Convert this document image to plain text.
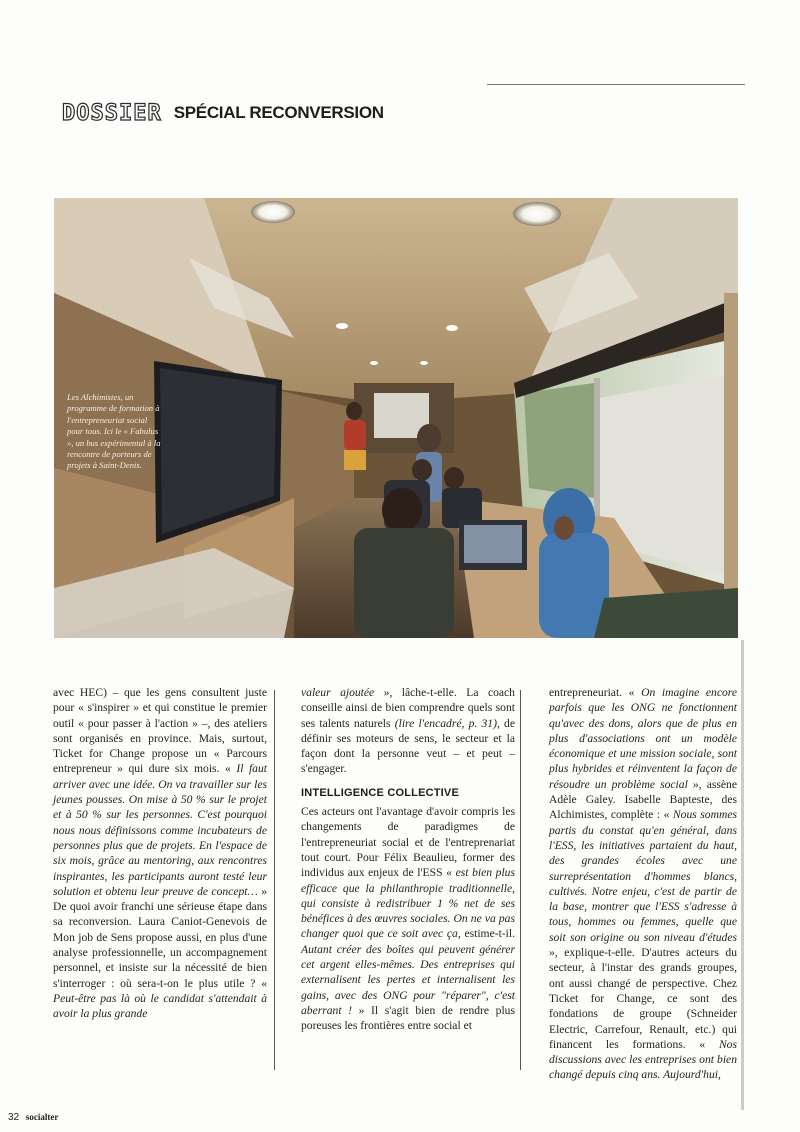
DOSSIER SPÉCIAL RECONVERSION
Les Alchimistes, un programme de formation à l'entrepreneuriat social pour tous. Ici le « Fabulus », un bus expérimental à la rencontre de porteurs de projets à Saint-Denis.

avec HEC) – que les gens consultent juste pour « s'inspirer » et qui constitue le premier outil « pour passer à l'action » –, des ateliers sont organisés en province. Mais, surtout, Ticket for Change propose un « Parcours entrepreneur » qui dure six mois. « Il faut arriver avec une idée. On va travailler sur les jeunes pousses. On mise à 50 % sur le projet et à 50 % sur les personnes. C'est pourquoi nous nous définissons comme incubateurs de personnes plus que de projets. En l'espace de six mois, grâce au mentoring, aux rencontres inspirantes, les participants auront testé leur solution et obtenu leur preuve de concept… » De quoi avoir franchi une sérieuse étape dans sa reconversion. Laura Caniot-Genevois de Mon job de Sens propose aussi, en plus d'une analyse professionnelle, un accompagnement personnel, et insiste sur la nécessité de bien s'interroger : où sera-t-on le plus utile ? « Peut-être pas là où le candidat s'attendait à avoir la plus grande

valeur ajoutée », lâche-t-elle. La coach conseille ainsi de bien comprendre quels sont ses talents naturels (lire l'encadré, p. 31), de définir ses moteurs de sens, le secteur et la façon dont la personne veut – et peut – s'engager.

INTELLIGENCE COLLECTIVE

Ces acteurs ont l'avantage d'avoir compris les changements de paradigmes de l'entrepreneuriat social et de l'entreprenariat tout court. Pour Félix Beaulieu, former des individus aux enjeux de l'ESS « est bien plus efficace que la philanthropie traditionnelle, qui consiste à redistribuer 1 % net de ses bénéfices à des œuvres sociales. On ne va pas changer quoi que ce soit avec ça, estime-t-il. Autant créer des boîtes qui peuvent générer cet argent elles-mêmes. Des entreprises qui externalisent les pertes et internalisent les gains, avec des ONG pour "réparer", c'est aberrant ! » Il s'agit bien de rendre plus poreuses les frontières entre social et

entrepreneuriat. « On imagine encore parfois que les ONG ne fonctionnent qu'avec des dons, alors que de plus en plus d'associations ont un modèle économique et une mission sociale, sont plus hybrides et réinventent la façon de résoudre un problème social », assène Adèle Galey. Isabelle Bapteste, des Alchimistes, complète : « Nous sommes partis du constat qu'en général, dans l'ESS, les initiatives partaient du haut, des grandes écoles avec une surreprésentation d'hommes blancs, cultivés. Notre enjeu, c'est de partir de la base, montrer que l'ESS s'adresse à tous, hommes ou femmes, quelle que soit son origine ou son niveau d'études », explique-t-elle. D'autres acteurs du secteur, à l'instar des grands groupes, ont aussi changé de perspective. Chez Ticket for Change, ce sont des fondations de groupe (Schneider Electric, Carrefour, Renault, etc.) qui financent les formations. « Nos discussions avec les entreprises ont bien changé depuis cinq ans. Aujourd'hui,

32 socialter
